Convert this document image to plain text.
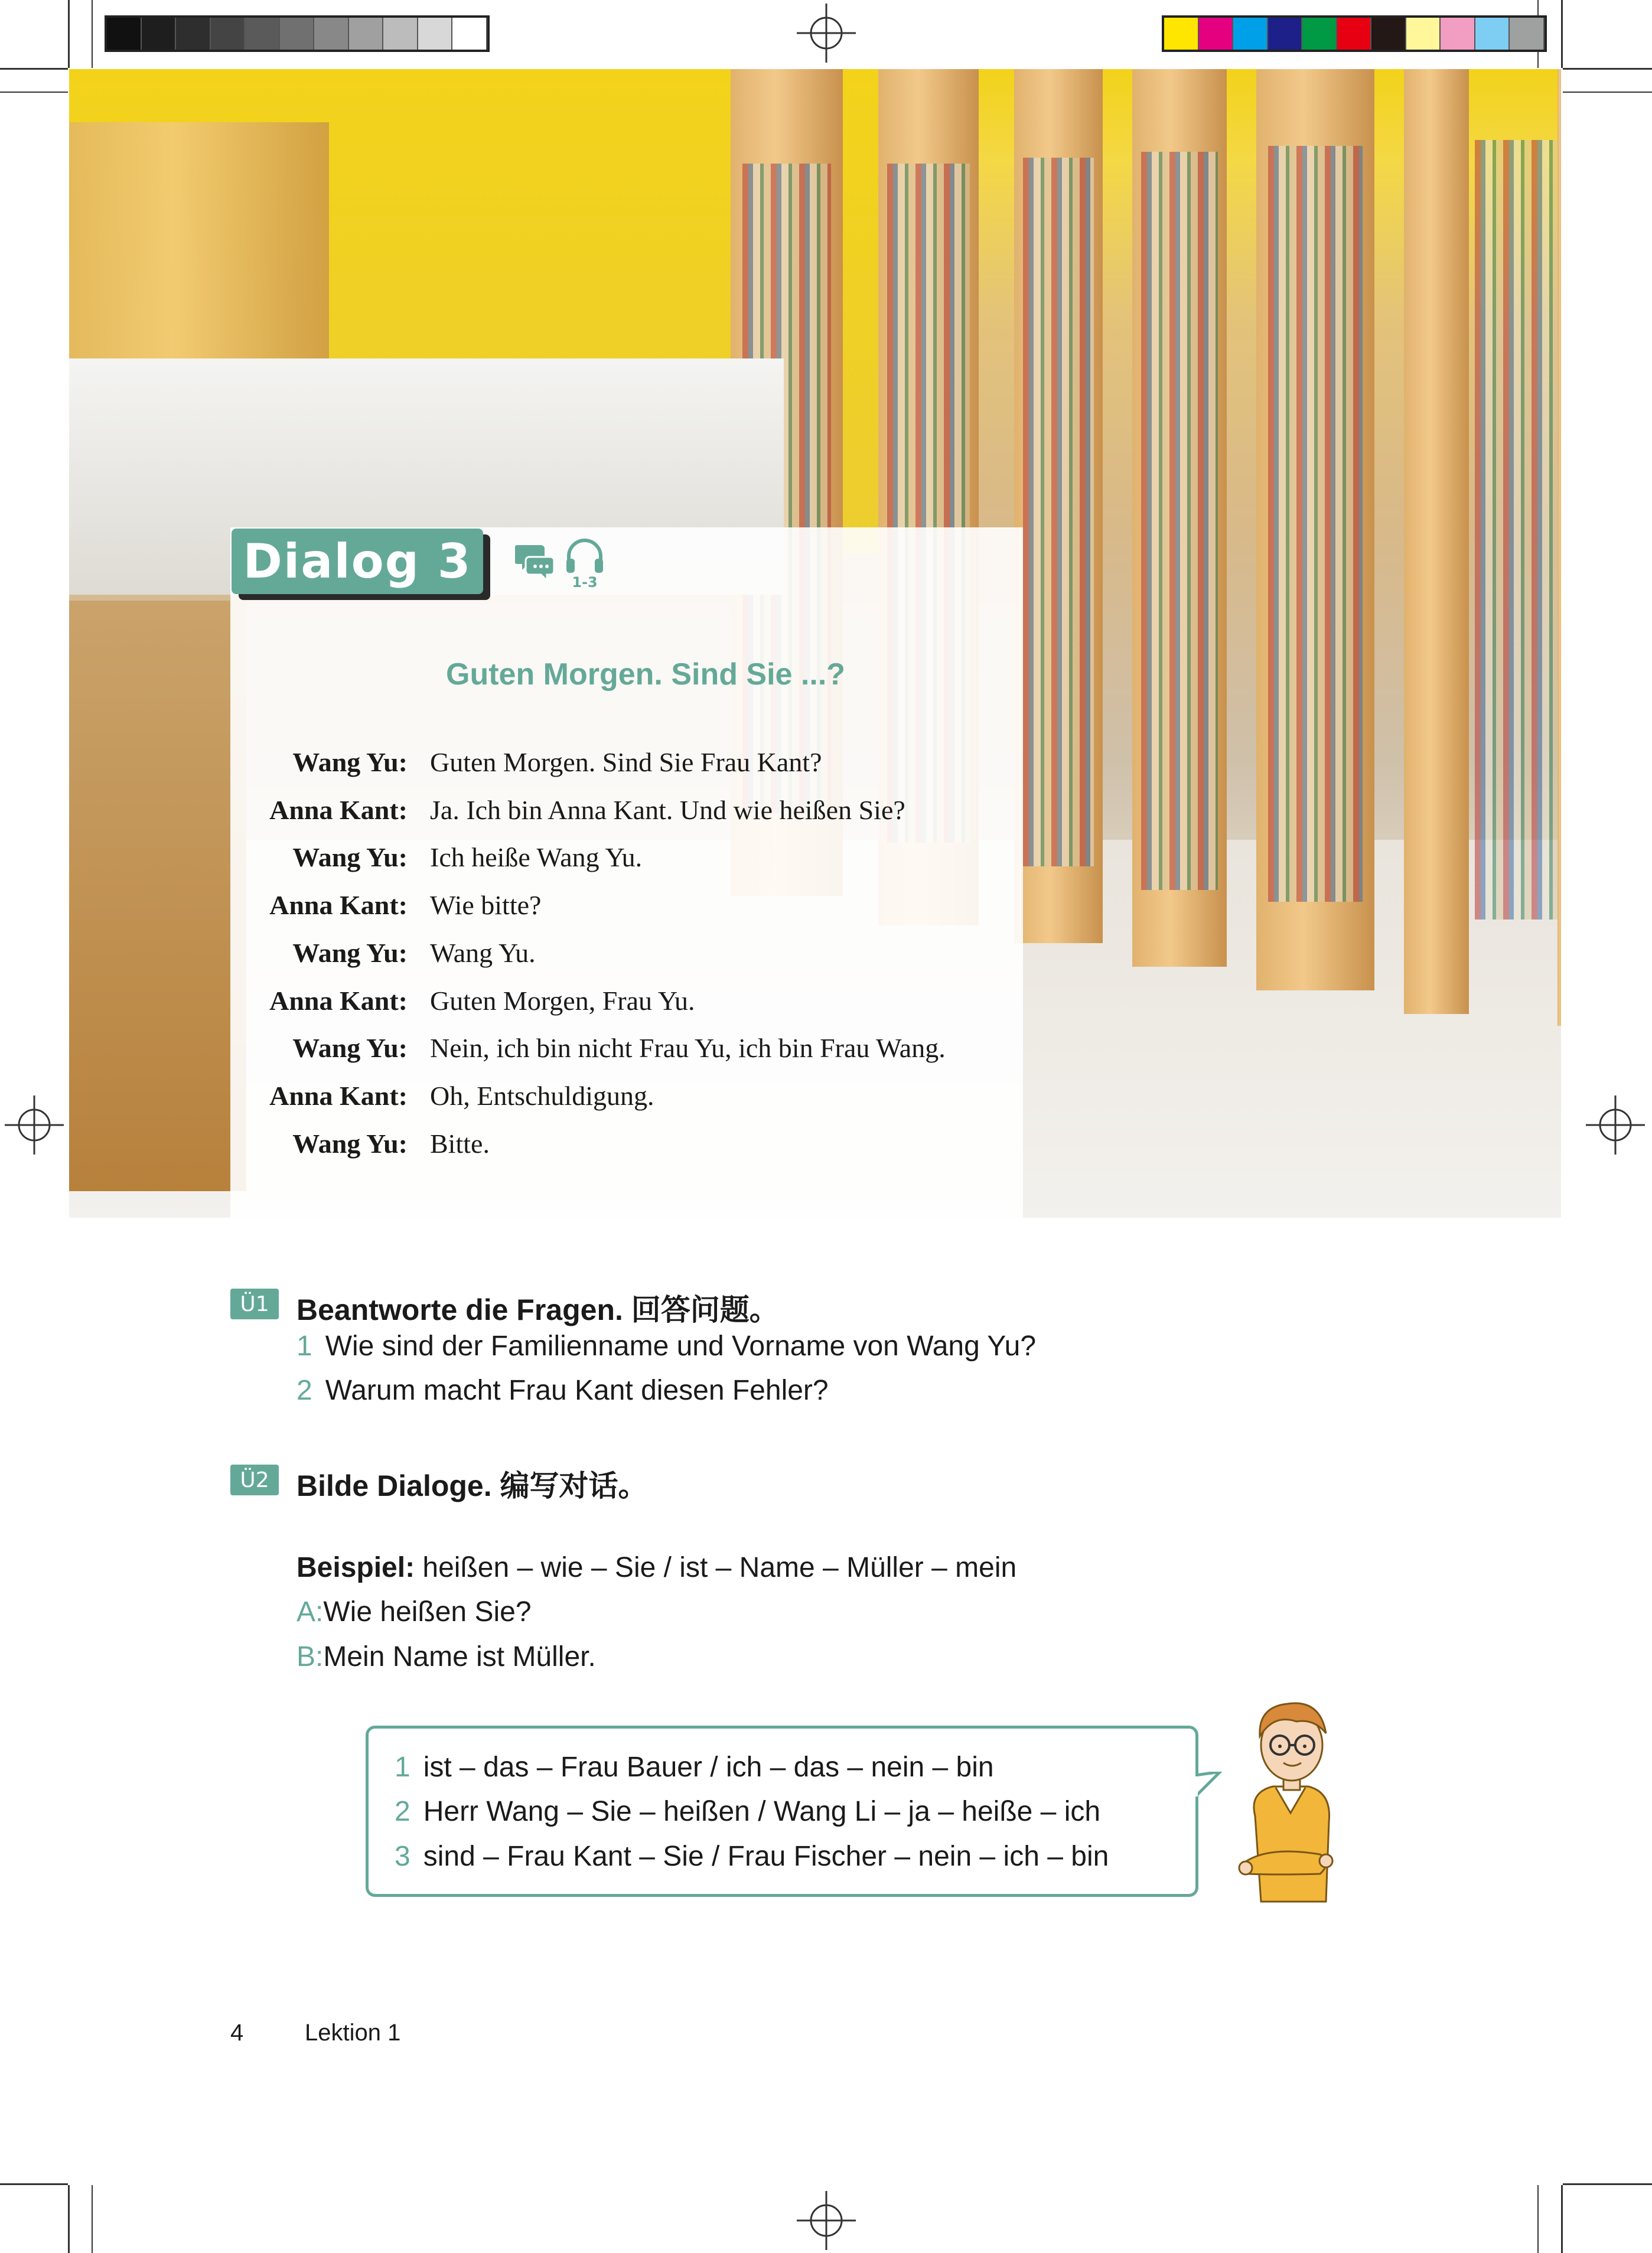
Dialog 3	1-3
Guten Morgen. Sind Sie ...?
Wang Yu: Guten Morgen. Sind Sie Frau Kant?
Anna Kant: Ja. Ich bin Anna Kant. Und wie heißen Sie?
Wang Yu: Ich heiße Wang Yu.
Anna Kant: Wie bitte?
Wang Yu: Wang Yu.
Anna Kant: Guten Morgen, Frau Yu.
Wang Yu: Nein, ich bin nicht Frau Yu, ich bin Frau Wang.
Anna Kant: Oh, Entschuldigung.
Wang Yu: Bitte.
Ü1 Beantworte die Fragen. 回答问题。
1 Wie sind der Familienname und Vorname von Wang Yu?
2 Warum macht Frau Kant diesen Fehler?
Ü2 Bilde Dialoge. 编写对话。
Beispiel: heißen – wie – Sie / ist – Name – Müller – mein
A:Wie heißen Sie?
B:Mein Name ist Müller.
1 ist – das – Frau Bauer / ich – das – nein – bin
2 Herr Wang – Sie – heißen / Wang Li – ja – heiße – ich
3 sind – Frau Kant – Sie / Frau Fischer – nein – ich – bin
4	Lektion 1
